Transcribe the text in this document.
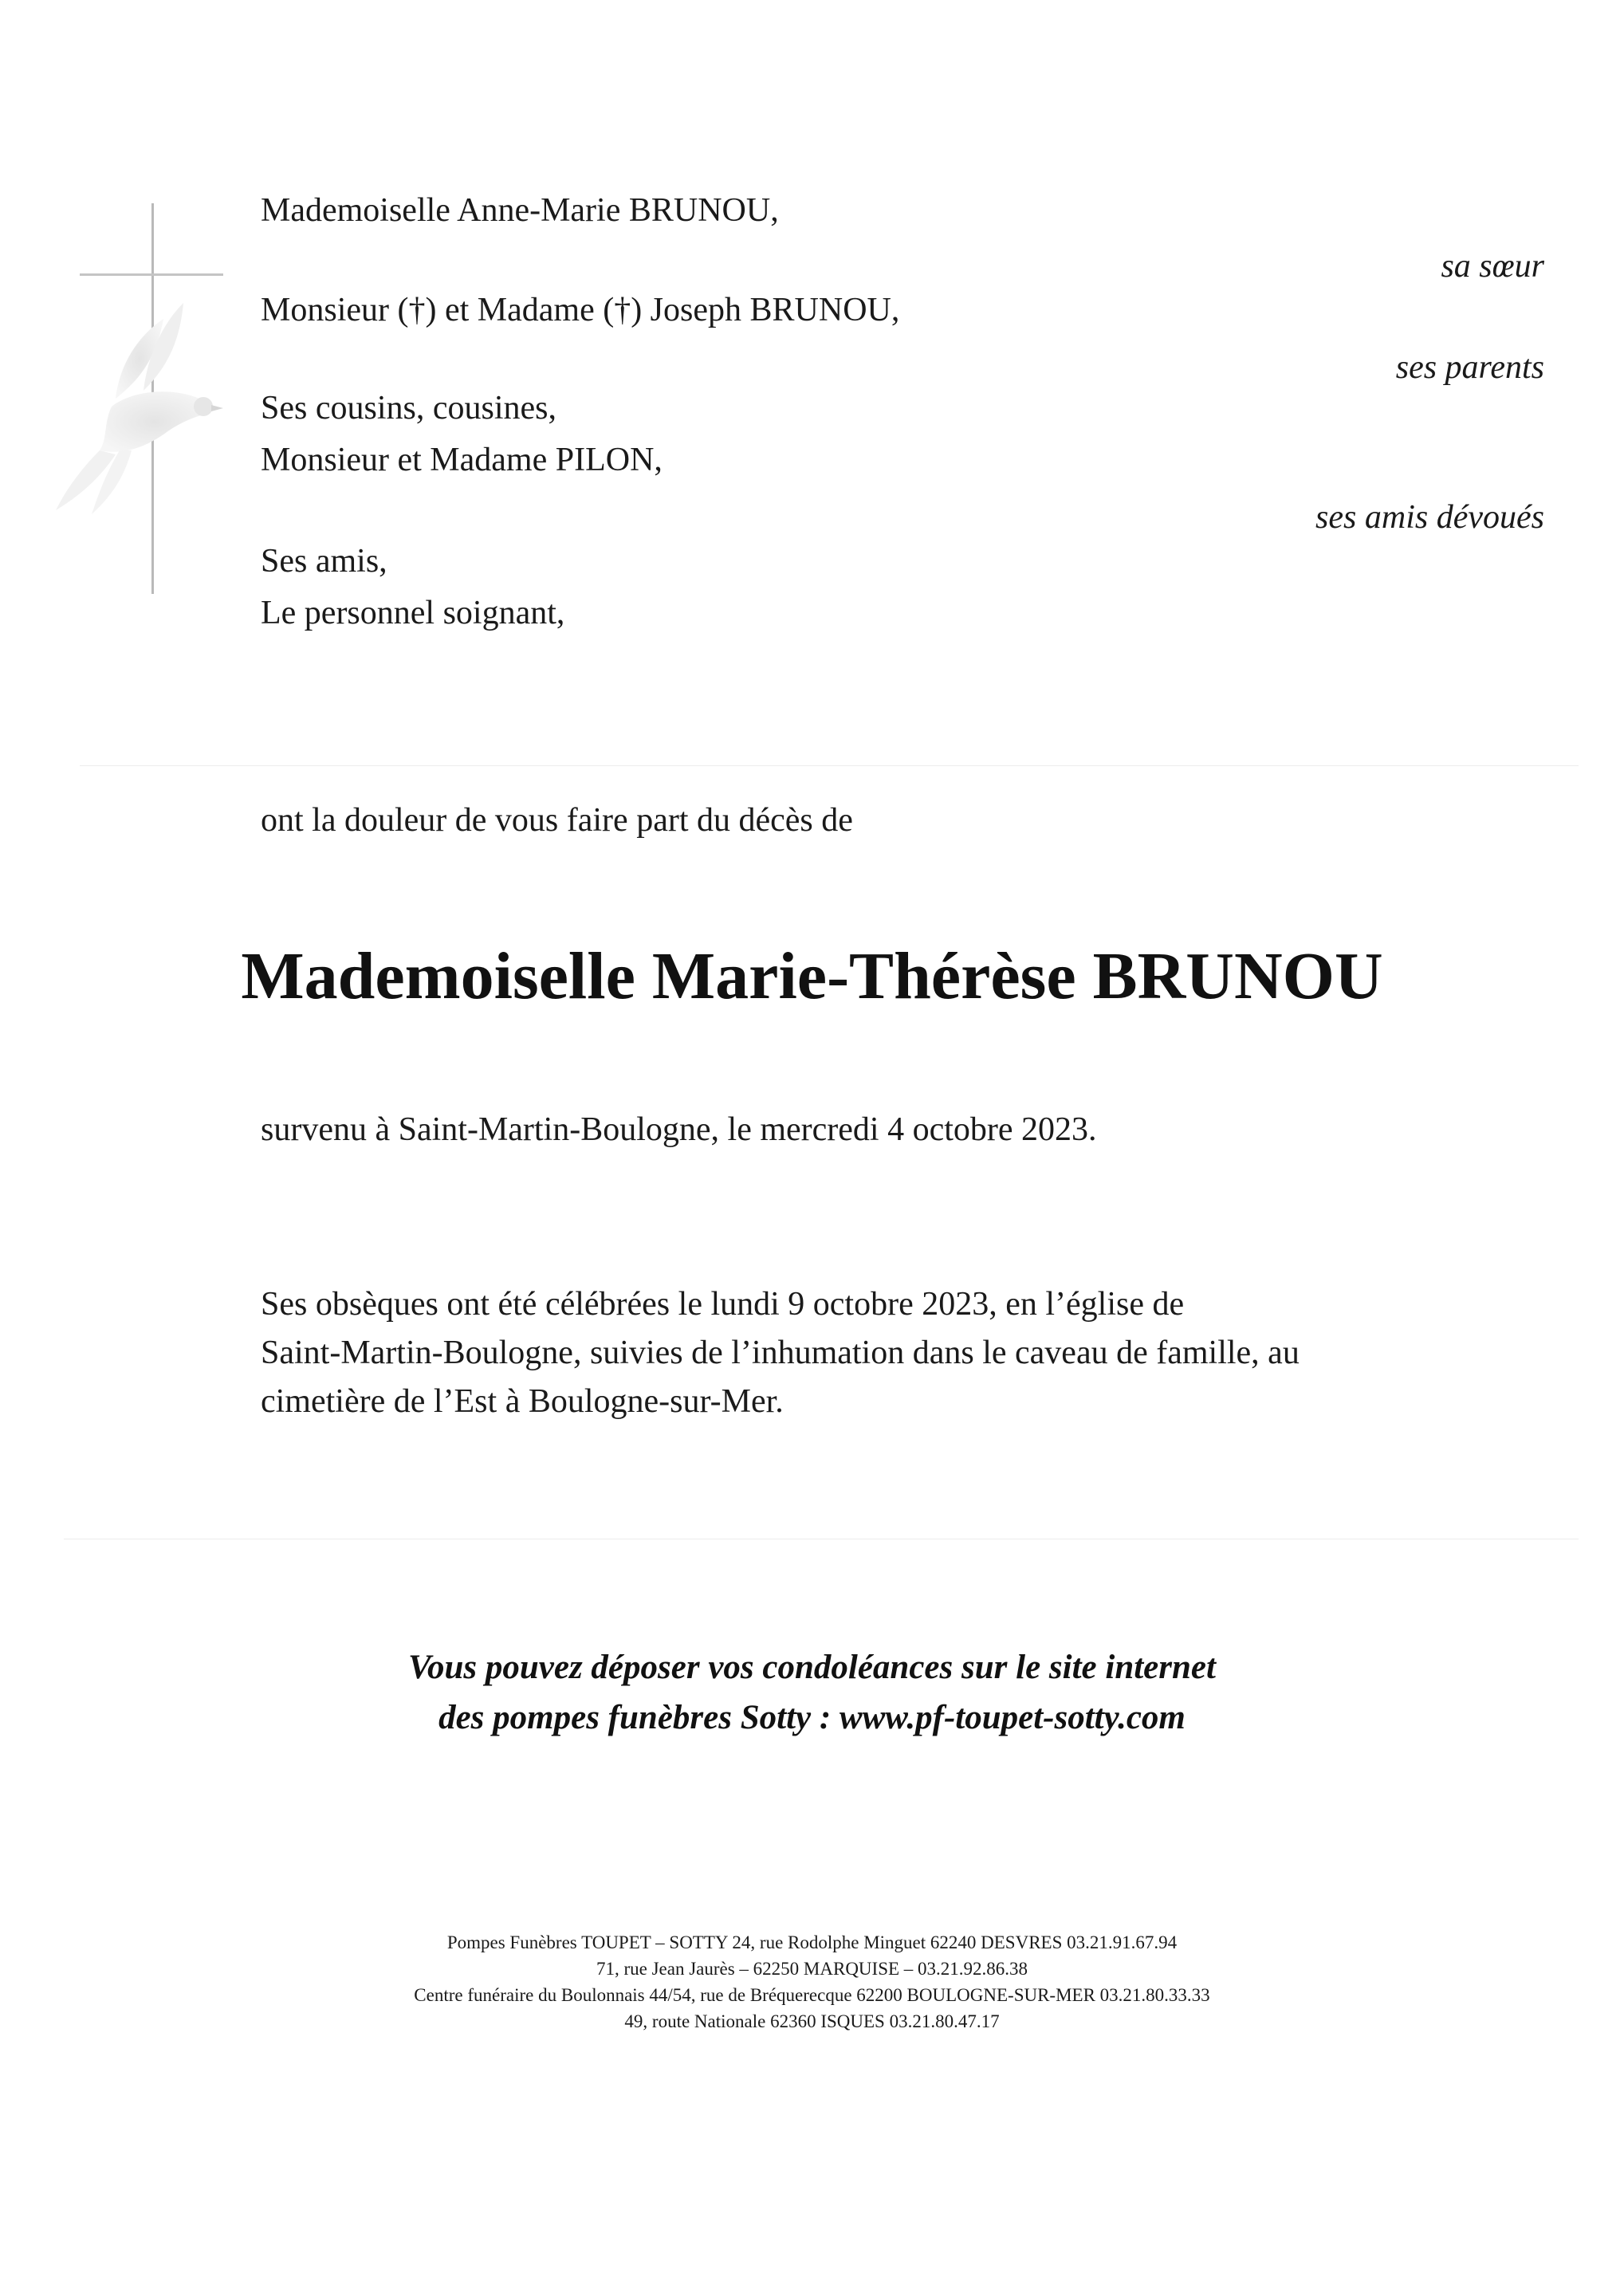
Mademoiselle Anne-Marie BRUNOU,
sa sœur
Monsieur (†) et Madame (†) Joseph BRUNOU,
ses parents
Ses cousins, cousines,
Monsieur et Madame PILON,
ses amis dévoués
Ses amis,
Le personnel soignant,
ont la douleur de vous faire part du décès de
Mademoiselle Marie-Thérèse BRUNOU
survenu à Saint-Martin-Boulogne, le mercredi 4 octobre 2023.
Ses obsèques ont été célébrées le lundi 9 octobre 2023, en l’église de
Saint-Martin-Boulogne, suivies de l’inhumation dans le caveau de famille, au
cimetière de l’Est à Boulogne-sur-Mer.
Vous pouvez déposer vos condoléances sur le site internet
des pompes funèbres Sotty : www.pf-toupet-sotty.com
Pompes Funèbres TOUPET – SOTTY 24, rue Rodolphe Minguet 62240 DESVRES 03.21.91.67.94
71, rue Jean Jaurès – 62250 MARQUISE – 03.21.92.86.38
Centre funéraire du Boulonnais 44/54, rue de Bréquerecque 62200 BOULOGNE-SUR-MER 03.21.80.33.33
49, route Nationale 62360 ISQUES 03.21.80.47.17
